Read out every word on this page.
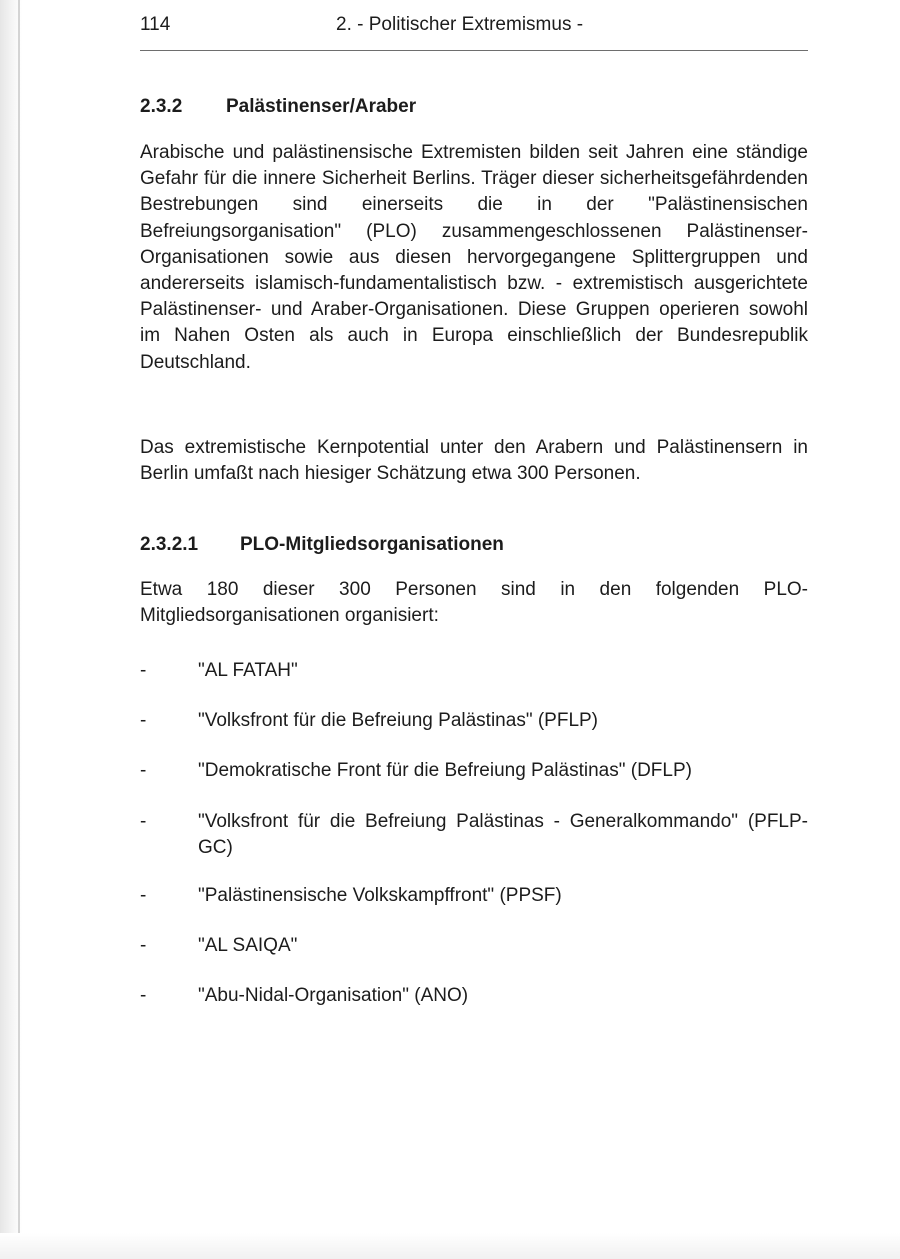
114	2. - Politischer Extremismus -
2.3.2 Palästinenser/Araber

Arabische und palästinensische Extremisten bilden seit Jahren eine ständige Gefahr für die innere Sicherheit Berlins. Träger dieser sicherheitsgefährdenden Bestrebungen sind einerseits die in der "Palästinensischen Befreiungsorganisation" (PLO) zusammengeschlossenen Palästinenser-Organisationen sowie aus diesen hervorgegangene Splittergruppen und andererseits islamisch-fundamentalistisch bzw. - extremistisch ausgerichtete Palästinenser- und Araber-Organisationen. Diese Gruppen operieren sowohl im Nahen Osten als auch in Europa einschließlich der Bundesrepublik Deutschland.

Das extremistische Kernpotential unter den Arabern und Palästinensern in Berlin umfaßt nach hiesiger Schätzung etwa 300 Personen.

2.3.2.1 PLO-Mitgliedsorganisationen

Etwa 180 dieser 300 Personen sind in den folgenden PLO-Mitgliedsorganisationen organisiert:

-	"AL FATAH"
-	"Volksfront für die Befreiung Palästinas" (PFLP)
-	"Demokratische Front für die Befreiung Palästinas" (DFLP)
-	"Volksfront für die Befreiung Palästinas - Generalkommando" (PFLP-GC)
-	"Palästinensische Volkskampffront" (PPSF)
-	"AL SAIQA"
-	"Abu-Nidal-Organisation" (ANO)
